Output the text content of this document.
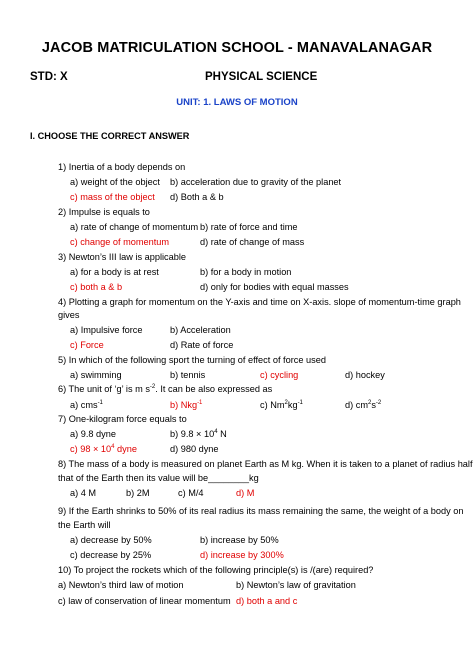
JACOB MATRICULATION SCHOOL - MANAVALANAGAR
STD: X	PHYSICAL SCIENCE
UNIT: 1. LAWS OF MOTION
I. CHOOSE THE CORRECT ANSWER
1) Inertia of a body depends on
a) weight of the object b) acceleration due to gravity of the planet
c) mass of the object d) Both a & b
2) Impulse is equals to
a) rate of change of momentum b) rate of force and time
c) change of momentum	d) rate of change of mass
3) Newton’s III law is applicable
a) for a body is at rest	b) for a body in motion
c) both a & b	d) only for bodies with equal masses
4) Plotting a graph for momentum on the Y-axis and time on X-axis. slope of momentum-time graph
gives
a) Impulsive force	b) Acceleration
c) Force	d) Rate of force
5) In which of the following sport the turning of effect of force used
a) swimming	b) tennis	c) cycling	d) hockey
6) The unit of ‘g’ is m $s^{-2}$. It can be also expressed as
a) cms$^{-1}$	b) Nkg$^{-1}$	c) $Nm^2kg^{-1}$	d) $cm^2s^{-2}$
7) One-kilogram force equals to
a) 9.8 dyne	b) $9.8 \times 10^4$ N
c) $98 \times 10^4$ dyne	d) 980 dyne
8) The mass of a body is measured on planet Earth as M kg. When it is taken to a planet of radius half
that of the Earth then its value will be________kg
a) 4 M	b) 2M	c) M/4	d) M
9) If the Earth shrinks to 50% of its real radius its mass remaining the same, the weight of a body on
the Earth will
a) decrease by 50%	b) increase by 50%
c) decrease by 25%	d) increase by 300%
10) To project the rockets which of the following principle(s) is /(are) required?
a) Newton’s third law of motion	b) Newton’s law of gravitation
c) law of conservation of linear momentum d) both a and c
